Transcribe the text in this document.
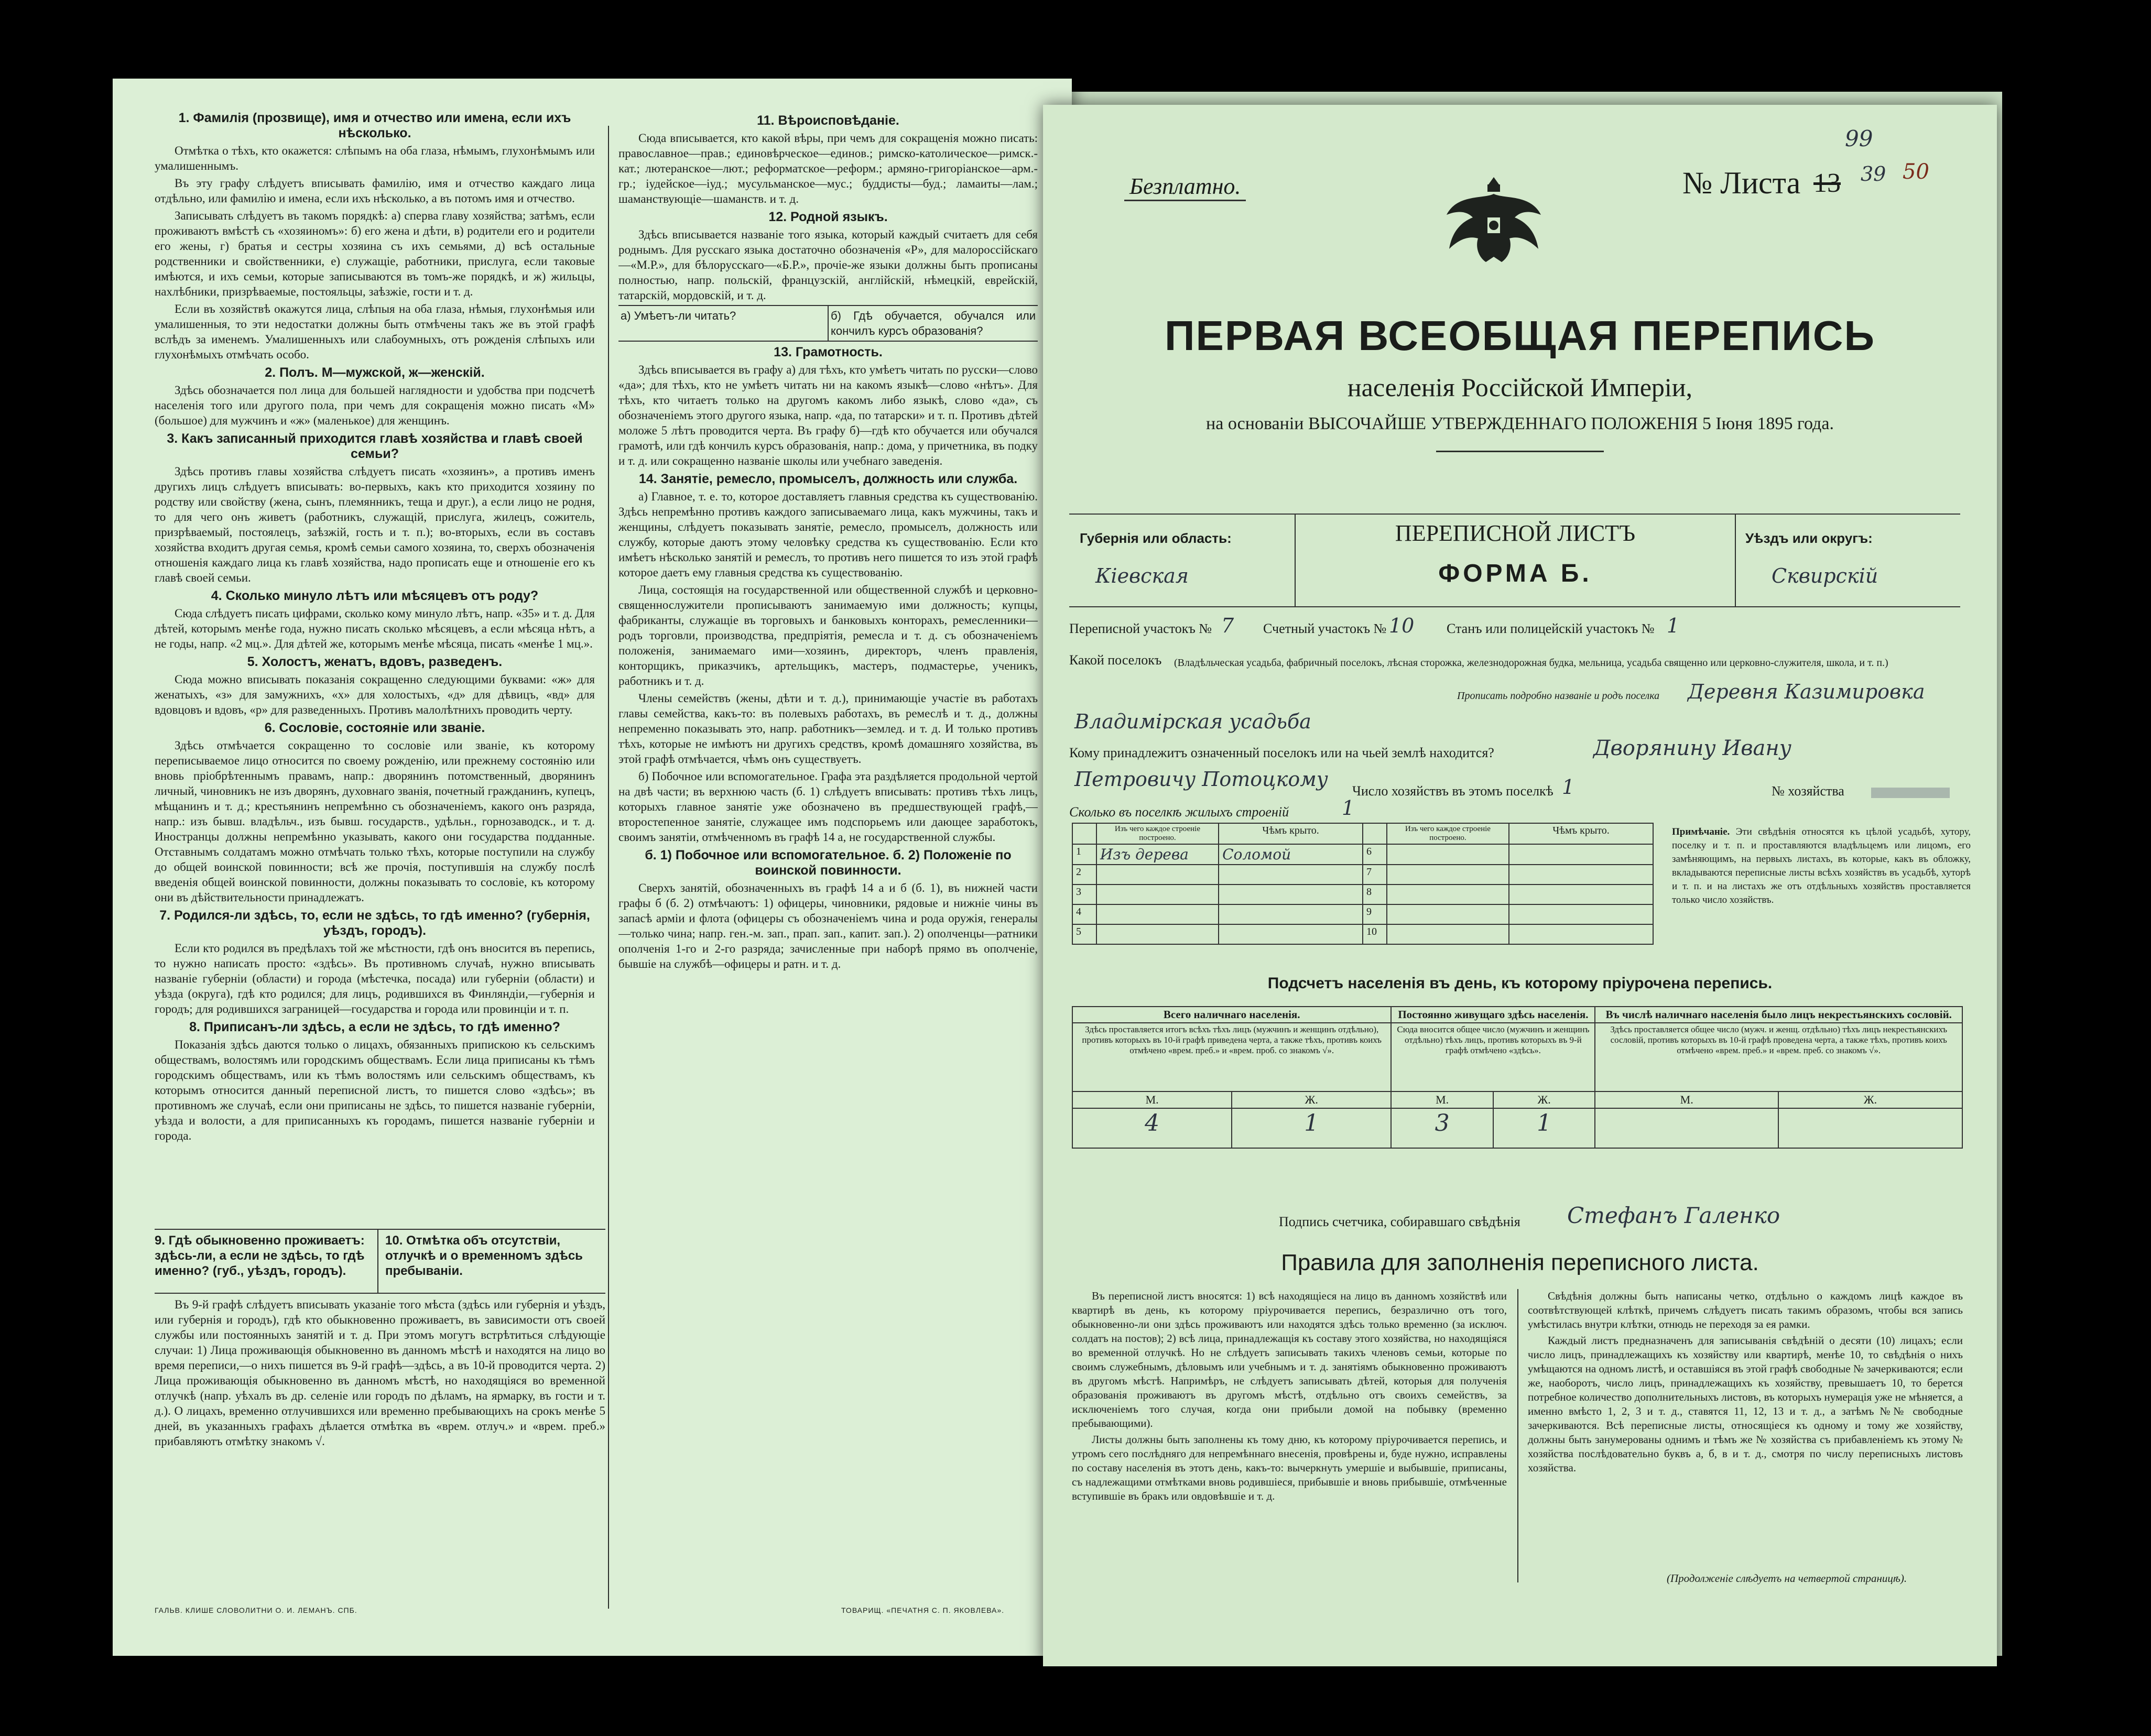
1. Фамилія (прозвище), имя и отчество или имена, если ихъ нѣсколько.

Отмѣтка о тѣхъ, кто окажется: слѣпымъ на оба глаза, нѣмымъ, глухонѣмымъ или умалишеннымъ.

Въ эту графу слѣдуетъ вписывать фамилію, имя и отчество каждаго лица отдѣльно, или фамилію и имена, если ихъ нѣсколько, а въ потомъ имя и отчество.

Записывать слѣдуетъ въ такомъ порядкѣ: а) сперва главу хозяйства; затѣмъ, если проживаютъ вмѣстѣ съ «хозяиномъ»: б) его жена и дѣти, в) родители его и родители его жены, г) братья и сестры хозяина съ ихъ семьями, д) всѣ остальные родственники и свойственники, е) служащіе, работники, прислуга, если таковые имѣются, и ихъ семьи, которые записываются въ томъ-же порядкѣ, и ж) жильцы, нахлѣбники, призрѣваемые, постояльцы, заѣзжіе, гости и т. д.

Если въ хозяйствѣ окажутся лица, слѣпыя на оба глаза, нѣмыя, глухонѣмыя или умалишенныя, то эти недостатки должны быть отмѣчены такъ же въ этой графѣ вслѣдъ за именемъ. Умалишенныхъ или слабоумныхъ, отъ рожденія слѣпыхъ или глухонѣмыхъ отмѣчать особо.

2. Полъ. М—мужской, ж—женскій.

Здѣсь обозначается пол лица для большей наглядности и удобства при подсчетѣ населенія того или другого пола, при чемъ для сокращенія можно писать «М» (большое) для мужчинъ и «ж» (маленькое) для женщинъ.

3. Какъ записанный приходится главѣ хозяйства и главѣ своей семьи?

Здѣсь противъ главы хозяйства слѣдуетъ писать «хозяинъ», а противъ именъ другихъ лицъ слѣдуетъ вписывать: во-первыхъ, какъ кто приходится хозяину по родству или свойству (жена, сынъ, племянникъ, теща и друг.), а если лицо не родня, то для чего онъ живетъ (работникъ, служащій, прислуга, жилецъ, сожитель, призрѣваемый, постоялецъ, заѣзжій, гость и т. п.); во-вторыхъ, если въ составъ хозяйства входитъ другая семья, кромѣ семьи самого хозяина, то, сверхъ обозначенія отношенія каждаго лица къ главѣ хозяйства, надо прописать еще и отношеніе его къ главѣ своей семьи.

4. Сколько минуло лѣтъ или мѣсяцевъ отъ роду?

Сюда слѣдуетъ писать цифрами, сколько кому минуло лѣтъ, напр. «35» и т. д. Для дѣтей, которымъ менѣе года, нужно писать сколько мѣсяцевъ, а если мѣсяца нѣтъ, а не годы, напр. «2 мц.». Для дѣтей же, которымъ менѣе мѣсяца, писать «менѣе 1 мц.».

5. Холостъ, женатъ, вдовъ, разведенъ.

Сюда можно вписывать показанія сокращенно следующими буквами: «ж» для женатыхъ, «з» для замужнихъ, «х» для холостыхъ, «д» для дѣвицъ, «вд» для вдовцовъ и вдовъ, «р» для разведенныхъ. Противъ малолѣтнихъ проводить черту.

6. Сословіе, состояніе или званіе.

Здѣсь отмѣчается сокращенно то сословіе или званіе, къ которому переписываемое лицо относится по своему рожденію, или прежнему состоянію или вновь пріобрѣтеннымъ правамъ, напр.: дворянинъ потомственный, дворянинъ личный, чиновникъ не изъ дворянъ, духовнаго званія, почетный гражданинъ, купецъ, мѣщанинъ и т. д.; крестьянинъ непремѣнно съ обозначеніемъ, какого онъ разряда, напр.: изъ бывш. владѣльч., изъ бывш. государств., удѣльн., горнозаводск., и т. д. Иностранцы должны непремѣнно указывать, какого они государства подданные. Отставнымъ солдатамъ можно отмѣчать только тѣхъ, которые поступили на службу до общей воинской повинности; всѣ же прочія, поступившія на службу послѣ введенія общей воинской повинности, должны показывать то сословіе, къ которому они въ дѣйствительности принадлежатъ.

7. Родился-ли здѣсь, то, если не здѣсь, то гдѣ именно? (губернія, уѣздъ, городъ).

Если кто родился въ предѣлахъ той же мѣстности, гдѣ онъ вносится въ перепись, то нужно написать просто: «здѣсь». Въ противномъ случаѣ, нужно вписывать названіе губерніи (области) и города (мѣстечка, посада) или губерніи (области) и уѣзда (округа), гдѣ кто родился; для лицъ, родившихся въ Финляндіи,—губернія и городъ; для родившихся заграницей—государства и города или провинціи и т. п.

8. Приписанъ-ли здѣсь, а если не здѣсь, то гдѣ именно?

Показанія здѣсь даются только о лицахъ, обязанныхъ припискою къ сельскимъ обществамъ, волостямъ или городскимъ обществамъ. Если лица приписаны къ тѣмъ городскимъ обществамъ, или къ тѣмъ волостямъ или сельскимъ обществамъ, къ которымъ относится данный переписной листъ, то пишется слово «здѣсь»; въ противномъ же случаѣ, если они приписаны не здѣсь, то пишется названіе губерніи, уѣзда и волости, а для приписанныхъ къ городамъ, пишется названіе губерніи и города.

9. Гдѣ обыкновенно проживаетъ: здѣсь-ли, а если не здѣсь, то гдѣ именно? (губ., уѣздъ, городъ).
10. Отмѣтка объ отсутствіи, отлучкѣ и о временномъ здѣсь пребываніи.

Въ 9-й графѣ слѣдуетъ вписывать указаніе того мѣста (здѣсь или губернія и уѣздъ, или губернія и городъ), гдѣ кто обыкновенно проживаетъ, въ зависимости отъ своей службы или постоянныхъ занятій и т. д. При этомъ могутъ встрѣтиться слѣдующіе случаи: 1) Лица проживающія обыкновенно въ данномъ мѣстѣ и находятся на лицо во время переписи,—о нихъ пишется въ 9-й графѣ—здѣсь, а въ 10-й проводится черта. 2) Лица проживающія обыкновенно въ данномъ мѣстѣ, но находящіяся во временной отлучкѣ (напр. уѣхалъ въ др. селеніе или городъ по дѣламъ, на ярмарку, въ гости и т. д.). О лицахъ, временно отлучившихся или временно пребывающихъ на срокъ менѣе 5 дней, въ указанныхъ графахъ дѣлается отмѣтка въ «врем. отлуч.» и «врем. преб.» прибавляютъ отмѣтку знакомъ √.

11. Вѣроисповѣданіе.

Сюда вписывается, кто какой вѣры, при чемъ для сокращенія можно писать: православное—прав.; единовѣрческое—единов.; римско-католическое—римск.-кат.; лютеранское—лют.; реформатское—реформ.; армяно-григоріанское—арм.-гр.; іудейское—іуд.; мусульманское—мус.; буддисты—буд.; ламаиты—лам.; шаманствующіе—шаманств. и т. д.

12. Родной языкъ.

Здѣсь вписывается названіе того языка, который каждый считаетъ для себя роднымъ. Для русскаго языка достаточно обозначенія «Р», для малороссійскаго—«М.Р.», для бѣлорусскаго—«Б.Р.», прочіе-же языки должны быть прописаны полностью, напр. польскій, французскій, англійскій, нѣмецкій, еврейскій, татарскій, мордовскій, и т. д.

а) Умѣетъ-ли читать?	б) Гдѣ обучается, обучался или кончилъ курсъ образованія?
13. Грамотность.

Здѣсь вписывается въ графу а) для тѣхъ, кто умѣетъ читать по русски—слово «да»; для тѣхъ, кто не умѣетъ читать ни на какомъ языкѣ—слово «нѣтъ». Для тѣхъ, кто читаетъ только на другомъ какомъ либо языкѣ, слово «да», съ обозначеніемъ этого другого языка, напр. «да, по татарски» и т. п. Противъ дѣтей моложе 5 лѣтъ проводится черта. Въ графу б)—гдѣ кто обучается или обучался грамотѣ, или гдѣ кончилъ курсъ образованія, напр.: дома, у причетника, въ подку и т. д. или сокращенно названіе школы или учебнаго заведенія.

14. Занятіе, ремесло, промыселъ, должность или служба.

а) Главное, т. е. то, которое доставляетъ главныя средства къ существованію. Здѣсь непремѣнно противъ каждого записываемаго лица, какъ мужчины, такъ и женщины, слѣдуетъ показывать занятіе, ремесло, промыселъ, должность или службу, которые даютъ этому человѣку средства къ существованію. Если кто имѣетъ нѣсколько занятій и ремеслъ, то противъ него пишется то изъ этой графѣ которое даетъ ему главныя средства къ существованію.

Лица, состоящія на государственной или общественной службѣ и церковно-священнослужители прописываютъ занимаемую ими должность; купцы, фабриканты, служащіе въ торговыхъ и банковыхъ конторахъ, ремесленники—родъ торговли, производства, предпріятія, ремесла и т. д. съ обозначеніемъ положенія, занимаемаго ими—хозяинъ, директоръ, членъ правленія, конторщикъ, приказчикъ, артельщикъ, мастеръ, подмастерье, ученикъ, работникъ и т. д.

Члены семействъ (жены, дѣти и т. д.), принимающіе участіе въ работахъ главы семейства, какъ-то: въ полевыхъ работахъ, въ ремеслѣ и т. д., должны непременно показывать это, напр. работникъ—землед. и т. д. И только противъ тѣхъ, которые не имѣютъ ни другихъ средствъ, кромѣ домашняго хозяйства, въ этой графѣ отмѣчается, чѣмъ онъ существуетъ.

б) Побочное или вспомогательное. Графа эта раздѣляется продольной чертой на двѣ части; въ верхнюю часть (б. 1) слѣдуетъ вписывать: противъ тѣхъ лицъ, которыхъ главное занятіе уже обозначено въ предшествующей графѣ,—второстепенное занятіе, служащее имъ подспорьемъ или дающее заработокъ, своимъ занятіи, отмѣченномъ въ графѣ 14 а, не государственной службы.

б. 1) Побочное или вспомогательное. б. 2) Положеніе по воинской повинности.

Сверхъ занятій, обозначенныхъ въ графѣ 14 а и б (б. 1), въ нижней части графы б (б. 2) отмѣчаютъ: 1) офицеры, чиновники, рядовые и нижніе чины въ запасѣ арміи и флота (офицеры съ обозначеніемъ чина и рода оружія, генералы—только чина; напр. ген.-м. зап., прап. зап., капит. зап.). 2) ополченцы—ратники ополченія 1-го и 2-го разряда; зачисленные при наборѣ прямо въ ополченіе, бывшіе на службѣ—офицеры и ратн. и т. д.

ГАЛЬВ. КЛИШЕ СЛОВОЛИТНИ О. И. ЛЕМАНЪ. СПБ.	ТОВАРИЩ. «ПЕЧАТНЯ С. П. ЯКОВЛЕВА».
Безплатно.	№ Листа 13
99
39 50
ПЕРВАЯ ВСЕОБЩАЯ ПЕРЕПИСЬ
населенія Россійской Имперіи,
на основаніи ВЫСОЧАЙШЕ УТВЕРЖДЕННАГО ПОЛОЖЕНІЯ 5 Іюня 1895 года.
Губернія или область:
Кіевская
ПЕРЕПИСНОЙ ЛИСТЪ
ФОРМА Б.
Уѣздъ или округъ:
Сквирскій
Переписной участокъ № 7 Счетный участокъ № 10 Станъ или полицейскій участокъ № 1
Какой поселокъ (Владѣльческая усадьба, фабричный поселокъ, лѣсная сторожка, железнодорожная будка, мельница, усадьба священно или церковно-служителя, школа, и т. п.)
Прописать подробно названіе и родъ поселка Деревня Казимировка
Владимірская усадьба
Кому принадлежитъ означенный поселокъ или на чьей землѣ находится?	Дворянину Ивану
Петровичу Потоцкому
Число хозяйствъ въ этомъ поселкѣ 1	№ хозяйства
Сколько въ поселкѣ жилыхъ строеній	1
	Изъ чего каждое строеніе построено.	Чѣмъ крыто.		Изъ чего каждое строеніе построено.	Чѣмъ крыто.
1	Изъ дерева	Соломой	6		
2			7		
3			8		
4			9		
5			10		
Примѣчаніе. Эти свѣдѣнія относятся къ цѣлой усадьбѣ, хутору, поселку и т. п. и проставляются владѣльцемъ или лицомъ, его замѣняющимъ, на первыхъ листахъ, въ которые, какъ въ обложку, вкладываются переписные листы всѣхъ хозяйствъ въ усадьбѣ, хуторѣ и т. п. и на листахъ же отъ отдѣльныхъ хозяйствъ проставляется только число хозяйствъ.
Подсчетъ населенія въ день, къ которому пріурочена перепись.
Всего наличнаго населенія.		Постоянно живущаго здѣсь населенія.		Въ числѣ наличнаго населенія было лицъ некрестьянскихъ сословій.	
Здѣсь проставляется итогъ всѣхъ тѣхъ лицъ (мужчинъ и женщинъ отдѣльно), противъ которыхъ въ 10-й графѣ приведена черта, а также тѣхъ, противъ коихъ отмѣчено «врем. преб.» и «врем. проб. со знакомъ √».		Сюда вносится общее число (мужчинъ и женщинъ отдѣльно) тѣхъ лицъ, противъ которыхъ въ 9-й графѣ отмѣчено «здѣсь».		Здѣсь проставляется общее число (мужч. и женщ. отдѣльно) тѣхъ лицъ некрестьянскихъ сословій, противъ которыхъ въ 10-й графѣ проведена черта, а также тѣхъ, противъ коихъ отмѣчено «врем. преб.» и «врем. преб. со знакомъ √».	
М.	Ж.	М.	Ж.	М.	Ж.
4	1	3	1		
Подпись счетчика, собиравшаго свѣдѣнія Стефанъ Галенко
Правила для заполненія переписного листа.

Въ переписной листъ вносятся: 1) всѣ находящіеся на лицо въ данномъ хозяйствѣ или квартирѣ въ день, къ которому пріурочивается перепись, безразлично отъ того, обыкновенно-ли они здѣсь проживаютъ или находятся здѣсь только временно (за исключ. солдатъ на постов); 2) всѣ лица, принадлежащія къ составу этого хозяйства, но находящіяся во временной отлучкѣ. Но не слѣдуетъ записывать такихъ членовъ семьи, которые по своимъ служебнымъ, дѣловымъ или учебнымъ и т. д. занятіямъ обыкновенно проживаютъ въ другомъ мѣстѣ. Напримѣръ, не слѣдуетъ записывать дѣтей, которыя для полученія образованія проживаютъ въ другомъ мѣстѣ, отдѣльно отъ своихъ семействъ, за исключеніемъ того случая, когда они прибыли домой на побывку (временно пребывающими).

Листы должны быть заполнены къ тому дню, къ которому пріурочивается перепись, и утромъ сего послѣдняго для непремѣннаго внесенія, провѣрены и, буде нужно, исправлены по составу населенія въ этотъ день, какъ-то: вычеркнуть умершіе и выбывшіе, приписаны, съ надлежащими отмѣтками вновь родившіеся, прибывшіе и вновь прибывшіе, отмѣченные вступившіе въ бракъ или овдовѣвшіе и т. д.

Свѣдѣнія должны быть написаны четко, отдѣльно о каждомъ лицѣ каждое въ соотвѣтствующей клѣткѣ, причемъ слѣдуетъ писать такимъ образомъ, чтобы вся запись умѣстилась внутри клѣтки, отнюдь не переходя за ея рамки.

Каждый листъ предназначенъ для записыванія свѣдѣній о десяти (10) лицахъ; если число лицъ, принадлежащихъ къ хозяйству или квартирѣ, менѣе 10, то свѣдѣнія о нихъ умѣщаются на одномъ листѣ, и оставшіяся въ этой графѣ свободные № зачеркиваются; если же, наоборотъ, число лицъ, принадлежащихъ къ хозяйству, превышаетъ 10, то берется потребное количество дополнительныхъ листовъ, въ которыхъ нумерація уже не мѣняется, а именно вмѣсто 1, 2, 3 и т. д., ставятся 11, 12, 13 и т. д., а затѣмъ №№ свободные зачеркиваются. Всѣ переписные листы, относящіеся къ одному и тому же хозяйству, должны быть занумерованы однимъ и тѣмъ же № хозяйства съ прибавленіемъ къ этому № хозяйства послѣдовательно буквъ а, б, в и т. д., смотря по числу переписныхъ листовъ хозяйства.

(Продолженіе слѣдуетъ на четвертой страницѣ).
